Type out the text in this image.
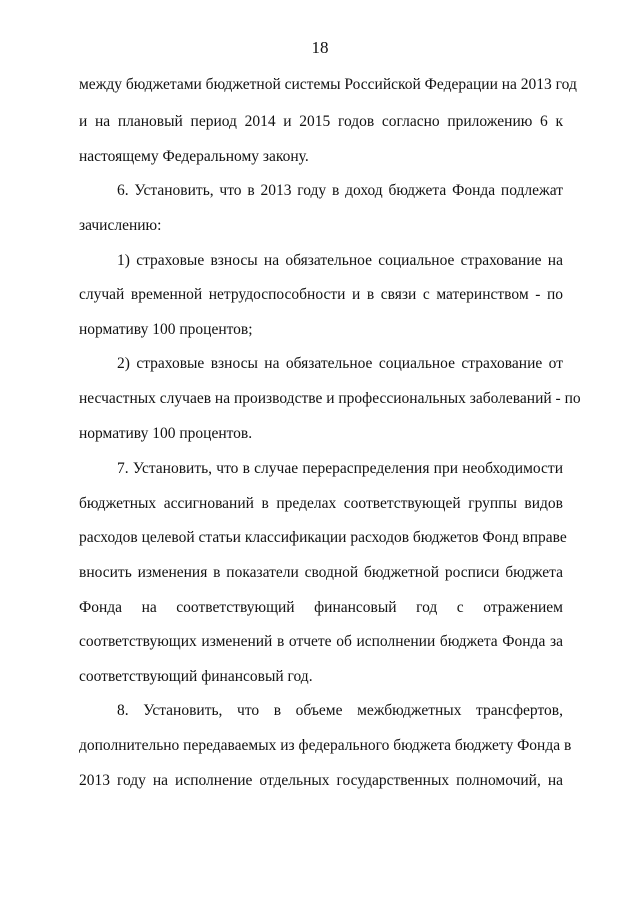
18
между бюджетами бюджетной системы Российской Федерации на 2013 год
и на плановый период 2014 и 2015 годов согласно приложению 6 к
настоящему Федеральному закону.
6. Установить, что в 2013 году в доход бюджета Фонда подлежат
зачислению:
1) страховые взносы на обязательное социальное страхование на
случай временной нетрудоспособности и в связи с материнством - по
нормативу 100 процентов;
2) страховые взносы на обязательное социальное страхование от
несчастных случаев на производстве и профессиональных заболеваний - по
нормативу 100 процентов.
7. Установить, что в случае перераспределения при необходимости
бюджетных ассигнований в пределах соответствующей группы видов
расходов целевой статьи классификации расходов бюджетов Фонд вправе
вносить изменения в показатели сводной бюджетной росписи бюджета
Фонда на соответствующий финансовый год с отражением
соответствующих изменений в отчете об исполнении бюджета Фонда за
соответствующий финансовый год.
8. Установить, что в объеме межбюджетных трансфертов,
дополнительно передаваемых из федерального бюджета бюджету Фонда в
2013 году на исполнение отдельных государственных полномочий, на
